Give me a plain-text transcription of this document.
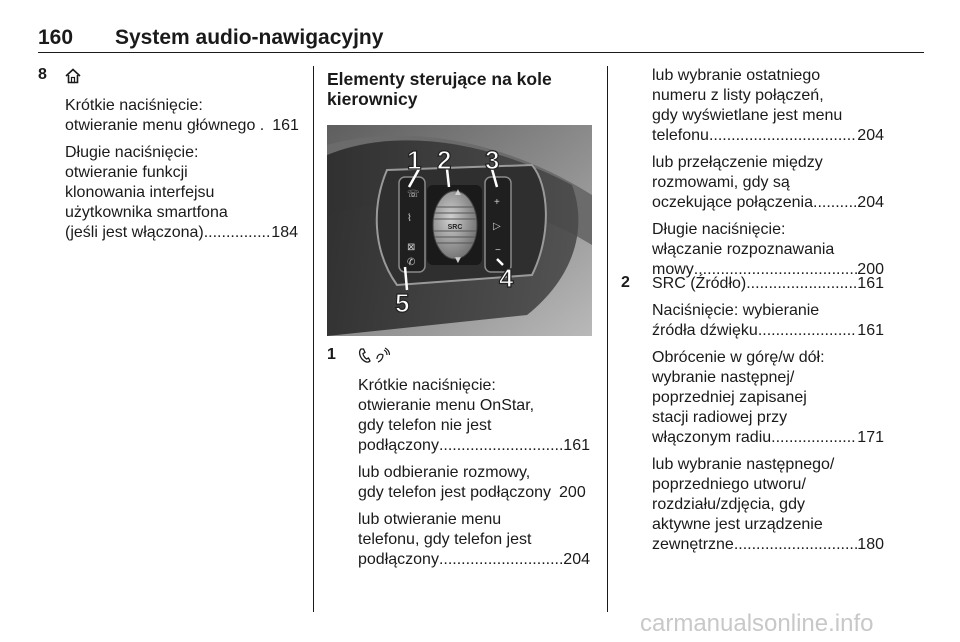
160 System audio-nawigacyjny
8

Krótkie naciśnięcie:

otwieranie menu głównego . 161

Długie naciśnięcie:
otwieranie funkcji
klonowania interfejsu
użytkownika smartfona

(jeśli jest włączona) .....	184

Elementy sterujące na kole
kierownicy
SRC
☏
⌇
⊠
✆
+
▷
−
▲
▼
1 2 3
4
5
1

Krótkie naciśnięcie:
otwieranie menu OnStar,
gdy telefon nie jest

podłączony .....	161

lub odbieranie rozmowy,

gdy telefon jest podłączony 200

lub otwieranie menu
telefonu, gdy telefon jest

podłączony .....	204

lub wybranie ostatniego
numeru z listy połączeń,
gdy wyświetlane jest menu

telefonu .....	204

lub przełączenie między
rozmowami, gdy są

oczekujące połączenia .....	204

Długie naciśnięcie:
włączanie rozpoznawania

mowy .....	200

2 SRC (Źródło) .....	161

Naciśnięcie: wybieranie

źródła dźwięku .....	161

Obrócenie w górę/w dół:
wybranie następnej/
poprzedniej zapisanej
stacji radiowej przy

włączonym radiu .....	171

lub wybranie następnego/
poprzedniego utworu/
rozdziału/zdjęcia, gdy
aktywne jest urządzenie

zewnętrzne .....	180

carmanualsonline.info
